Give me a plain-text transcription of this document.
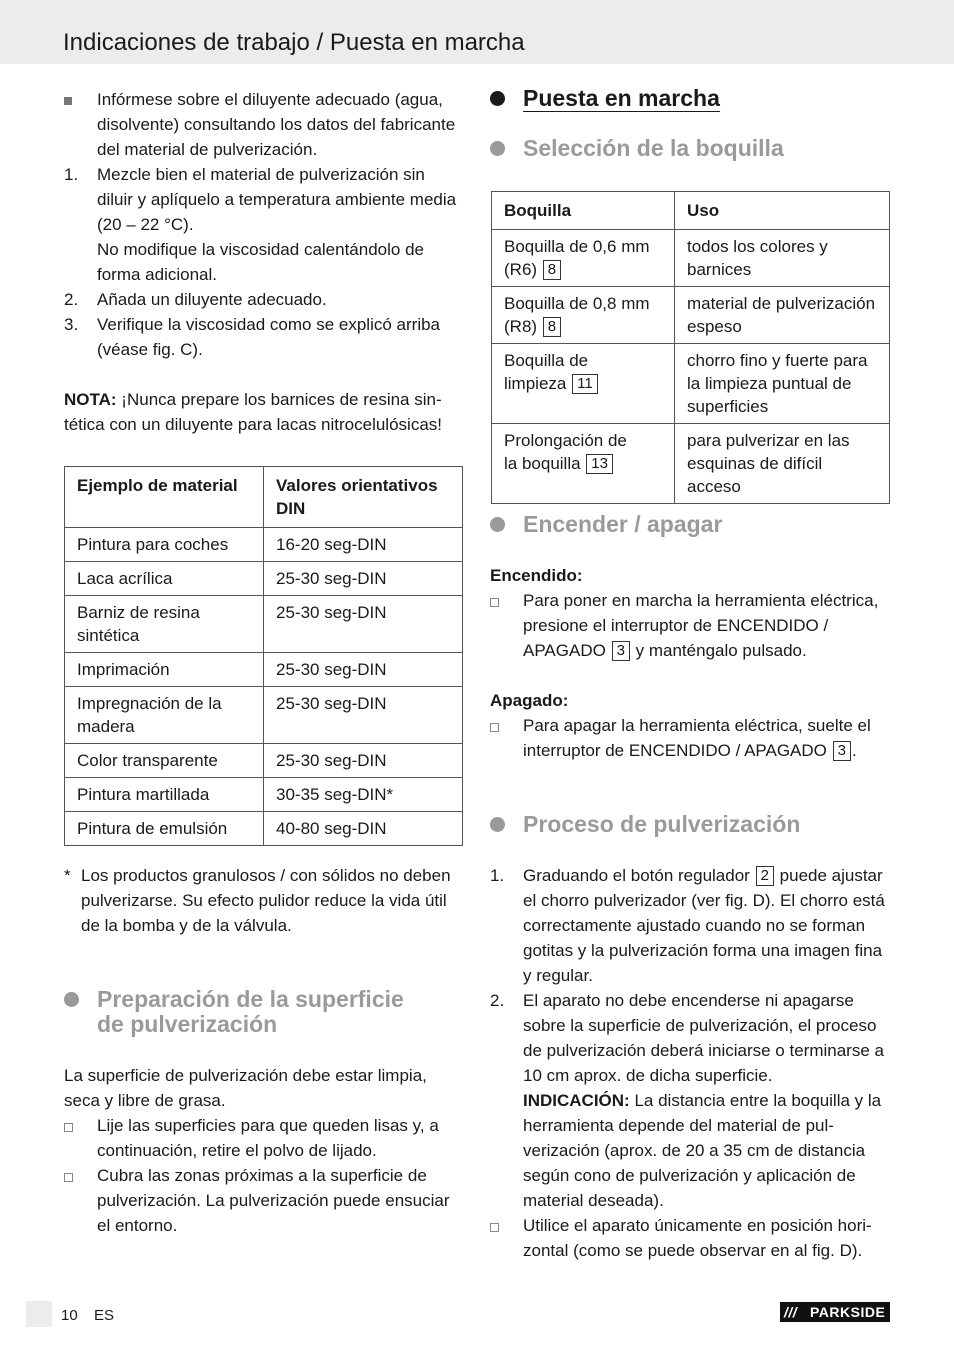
Indicaciones de trabajo / Puesta en marcha
Infórmese sobre el diluyente adecuado (agua, disolvente) consultando los datos del fabricante del material de pulverización.
1.	Mezcle bien el material de pulverización sin diluir y aplíquelo a temperatura ambiente media (20 – 22 °C).
No modifique la viscosidad calentándolo de forma adicional.
2.	Añada un diluyente adecuado.
3.	Verifique la viscosidad como se explicó arriba (véase fig. C).
NOTA: ¡Nunca prepare los barnices de resina sin-tética con un diluyente para lacas nitrocelulósicas!
Ejemplo de material	Valores orientativos DIN
Pintura para coches	16-20 seg-DIN
Laca acrílica	25-30 seg-DIN
Barniz de resina sintética	25-30 seg-DIN
Imprimación	25-30 seg-DIN
Impregnación de la madera	25-30 seg-DIN
Color transparente	25-30 seg-DIN
Pintura martillada	30-35 seg-DIN*
Pintura de emulsión	40-80 seg-DIN
* Los productos granulosos / con sólidos no deben pulverizarse. Su efecto pulidor reduce la vida útil de la bomba y de la válvula.
Preparación de la superficie
de pulverización
La superficie de pulverización debe estar limpia, seca y libre de grasa.
Lije las superficies para que queden lisas y, a continuación, retire el polvo de lijado.
Cubra las zonas próximas a la superficie de pulverización. La pulverización puede ensuciar el entorno.
Puesta en marcha
Selección de la boquilla
Boquilla	Uso
Boquilla de 0,6 mm
(R6) 8	todos los colores y barnices
Boquilla de 0,8 mm
(R8) 8	material de pulverización espeso
Boquilla de
limpieza 11	chorro fino y fuerte para la limpieza puntual de superficies
Prolongación de
la boquilla 13	para pulverizar en las esquinas de difícil acceso
Encender / apagar
Encendido:
Para poner en marcha la herramienta eléctrica, presione el interruptor de ENCENDIDO / APAGADO 3 y manténgalo pulsado.
Apagado:
Para apagar la herramienta eléctrica, suelte el interruptor de ENCENDIDO / APAGADO 3 .
Proceso de pulverización
1.	Graduando el botón regulador 2 puede ajustar el chorro pulverizador (ver fig. D). El chorro está correctamente ajustado cuando no se forman gotitas y la pulverización forma una imagen fina y regular.
2.	El aparato no debe encenderse ni apagarse sobre la superficie de pulverización, el proceso de pulverización deberá iniciarse o terminarse a 10 cm aprox. de dicha superficie.
INDICACIÓN: La distancia entre la boquilla y la herramienta depende del material de pul-verización (aprox. de 20 a 35 cm de distancia según cono de pulverización y aplicación de material deseada).
Utilice el aparato únicamente en posición hori-zontal (como se puede observar en al fig. D).
10 ES	/// PARKSIDE
